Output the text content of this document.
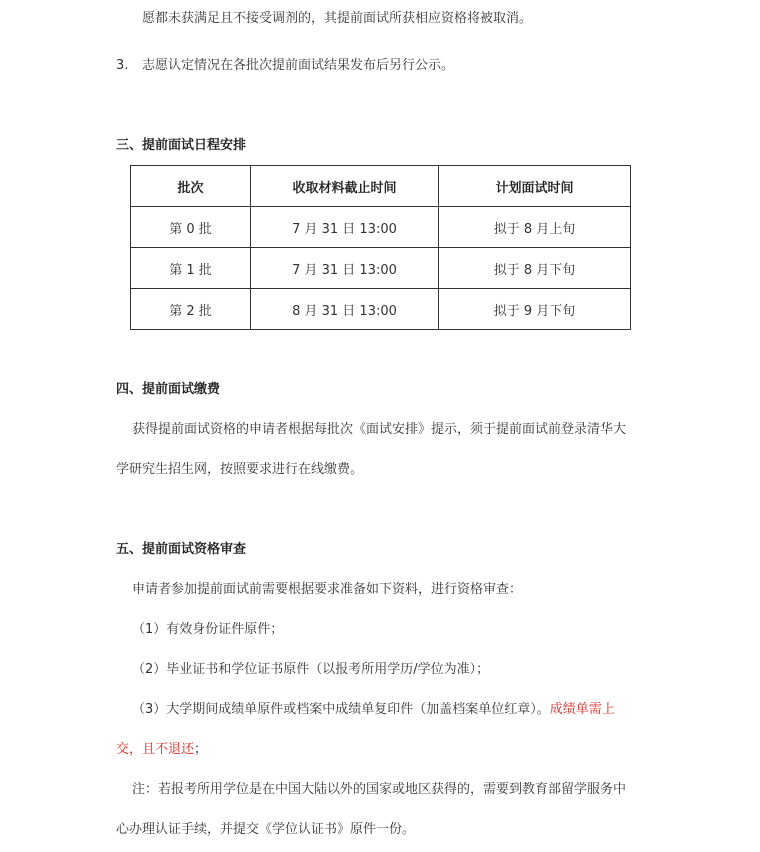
愿都未获满足且不接受调剂的，其提前面试所获相应资格将被取消。
3. 志愿认定情况在各批次提前面试结果发布后另行公示。
三、提前面试日程安排
批次	收取材料截止时间	计划面试时间
第 0 批	7 月 31 日 13:00	拟于 8 月上旬
第 1 批	7 月 31 日 13:00	拟于 8 月下旬
第 2 批	8 月 31 日 13:00	拟于 9 月下旬
四、提前面试缴费
获得提前面试资格的申请者根据每批次《面试安排》提示，须于提前面试前登录清华大
学研究生招生网，按照要求进行在线缴费。
五、提前面试资格审查
申请者参加提前面试前需要根据要求准备如下资料，进行资格审查：
（1）有效身份证件原件；
（2）毕业证书和学位证书原件（以报考所用学历/学位为准）；
（3）大学期间成绩单原件或档案中成绩单复印件（加盖档案单位红章）。成绩单需上
交，且不退还；
注：若报考所用学位是在中国大陆以外的国家或地区获得的，需要到教育部留学服务中
心办理认证手续，并提交《学位认证书》原件一份。
